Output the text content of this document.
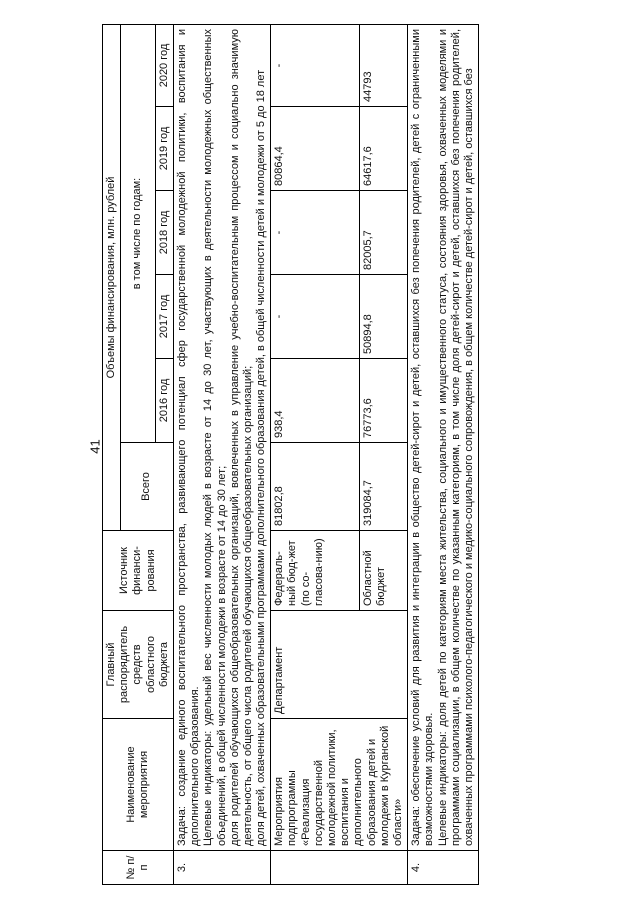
41
№ п/п	Наименование мероприятия	Главный распорядитель средств областного бюджета	Источник финанси-рования	Объемы финансирования, млн. рублей					
				Всего	в том числе по годам:				
					2016 год	2017 год	2018 год	2019 год	2020 год
3.	Задача: создание единого воспитательного пространства, развивающего потенциал сфер государственной молодежной политики, воспитания и дополнительного образования.
Целевые индикаторы: удельный вес численности молодых людей в возрасте от 14 до 30 лет, участвующих в деятельности молодежных общественных объединений, в общей численности молодежи в возрасте от 14 до 30 лет;
доля родителей обучающихся общеобразовательных организаций, вовлеченных в управление учебно-воспитательным процессом и социально значимую деятельность, от общего числа родителей обучающихся общеобразовательных организаций;
доля детей, охваченных образовательными программами дополнительного образования детей, в общей численности детей и молодежи от 5 до 18 лет								
	Мероприятия подпрограммы «Реализация государственной молодежной политики, воспитания и дополнительного образования детей и молодежи в Курганской области»	Департамент	Федераль-ный бюд-жет (по со-гласова-нию)	81802,8	938,4	-	-	80864,4	-
			Областной бюджет	319084,7	76773,6	50894,8	82005,7	64617,6	44793
4.	Задача: обеспечение условий для развития и интеграции в общество детей-сирот и детей, оставшихся без попечения родителей, детей с ограниченными возможностями здоровья.
Целевые индикаторы: доля детей по категориям места жительства, социального и имущественного статуса, состояния здоровья, охваченных моделями и программами социализации, в общем количестве по указанным категориям, в том числе доля детей-сирот и детей, оставшихся без попечения родителей, охваченных программами психолого-педагогического и медико-социального сопровождения, в общем количестве детей-сирот и детей, оставшихся без								
